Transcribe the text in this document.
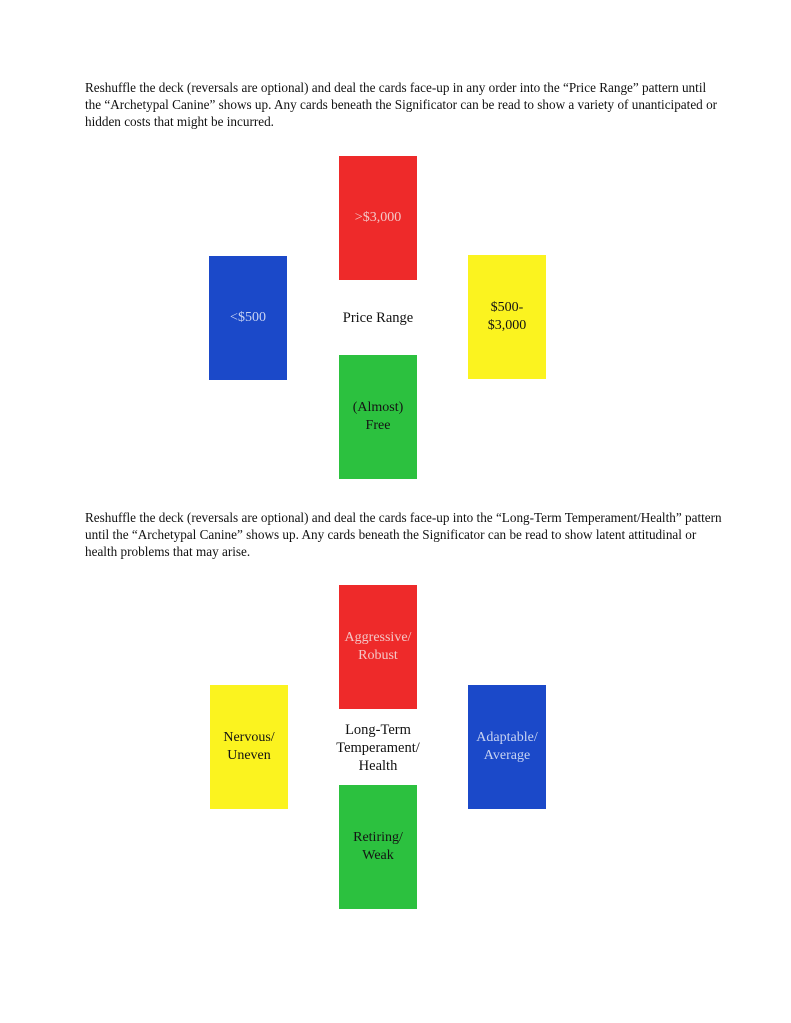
Reshuffle the deck (reversals are optional) and deal the cards face-up in any order into the “Price Range” pattern until the “Archetypal Canine” shows up. Any cards beneath the Significator can be read to show a variety of unanticipated or hidden costs that might be incurred.

>$3,000
<$500	Price Range
$500-
$3,000
(Almost)
Free

Reshuffle the deck (reversals are optional) and deal the cards face-up into the “Long-Term Temperament/Health” pattern until the “Archetypal Canine” shows up. Any cards beneath the Significator can be read to show latent attitudinal or health problems that may arise.

Aggressive/
Robust
Nervous/
Uneven
Long-Term
Temperament/
Health
Adaptable/
Average
Retiring/
Weak
